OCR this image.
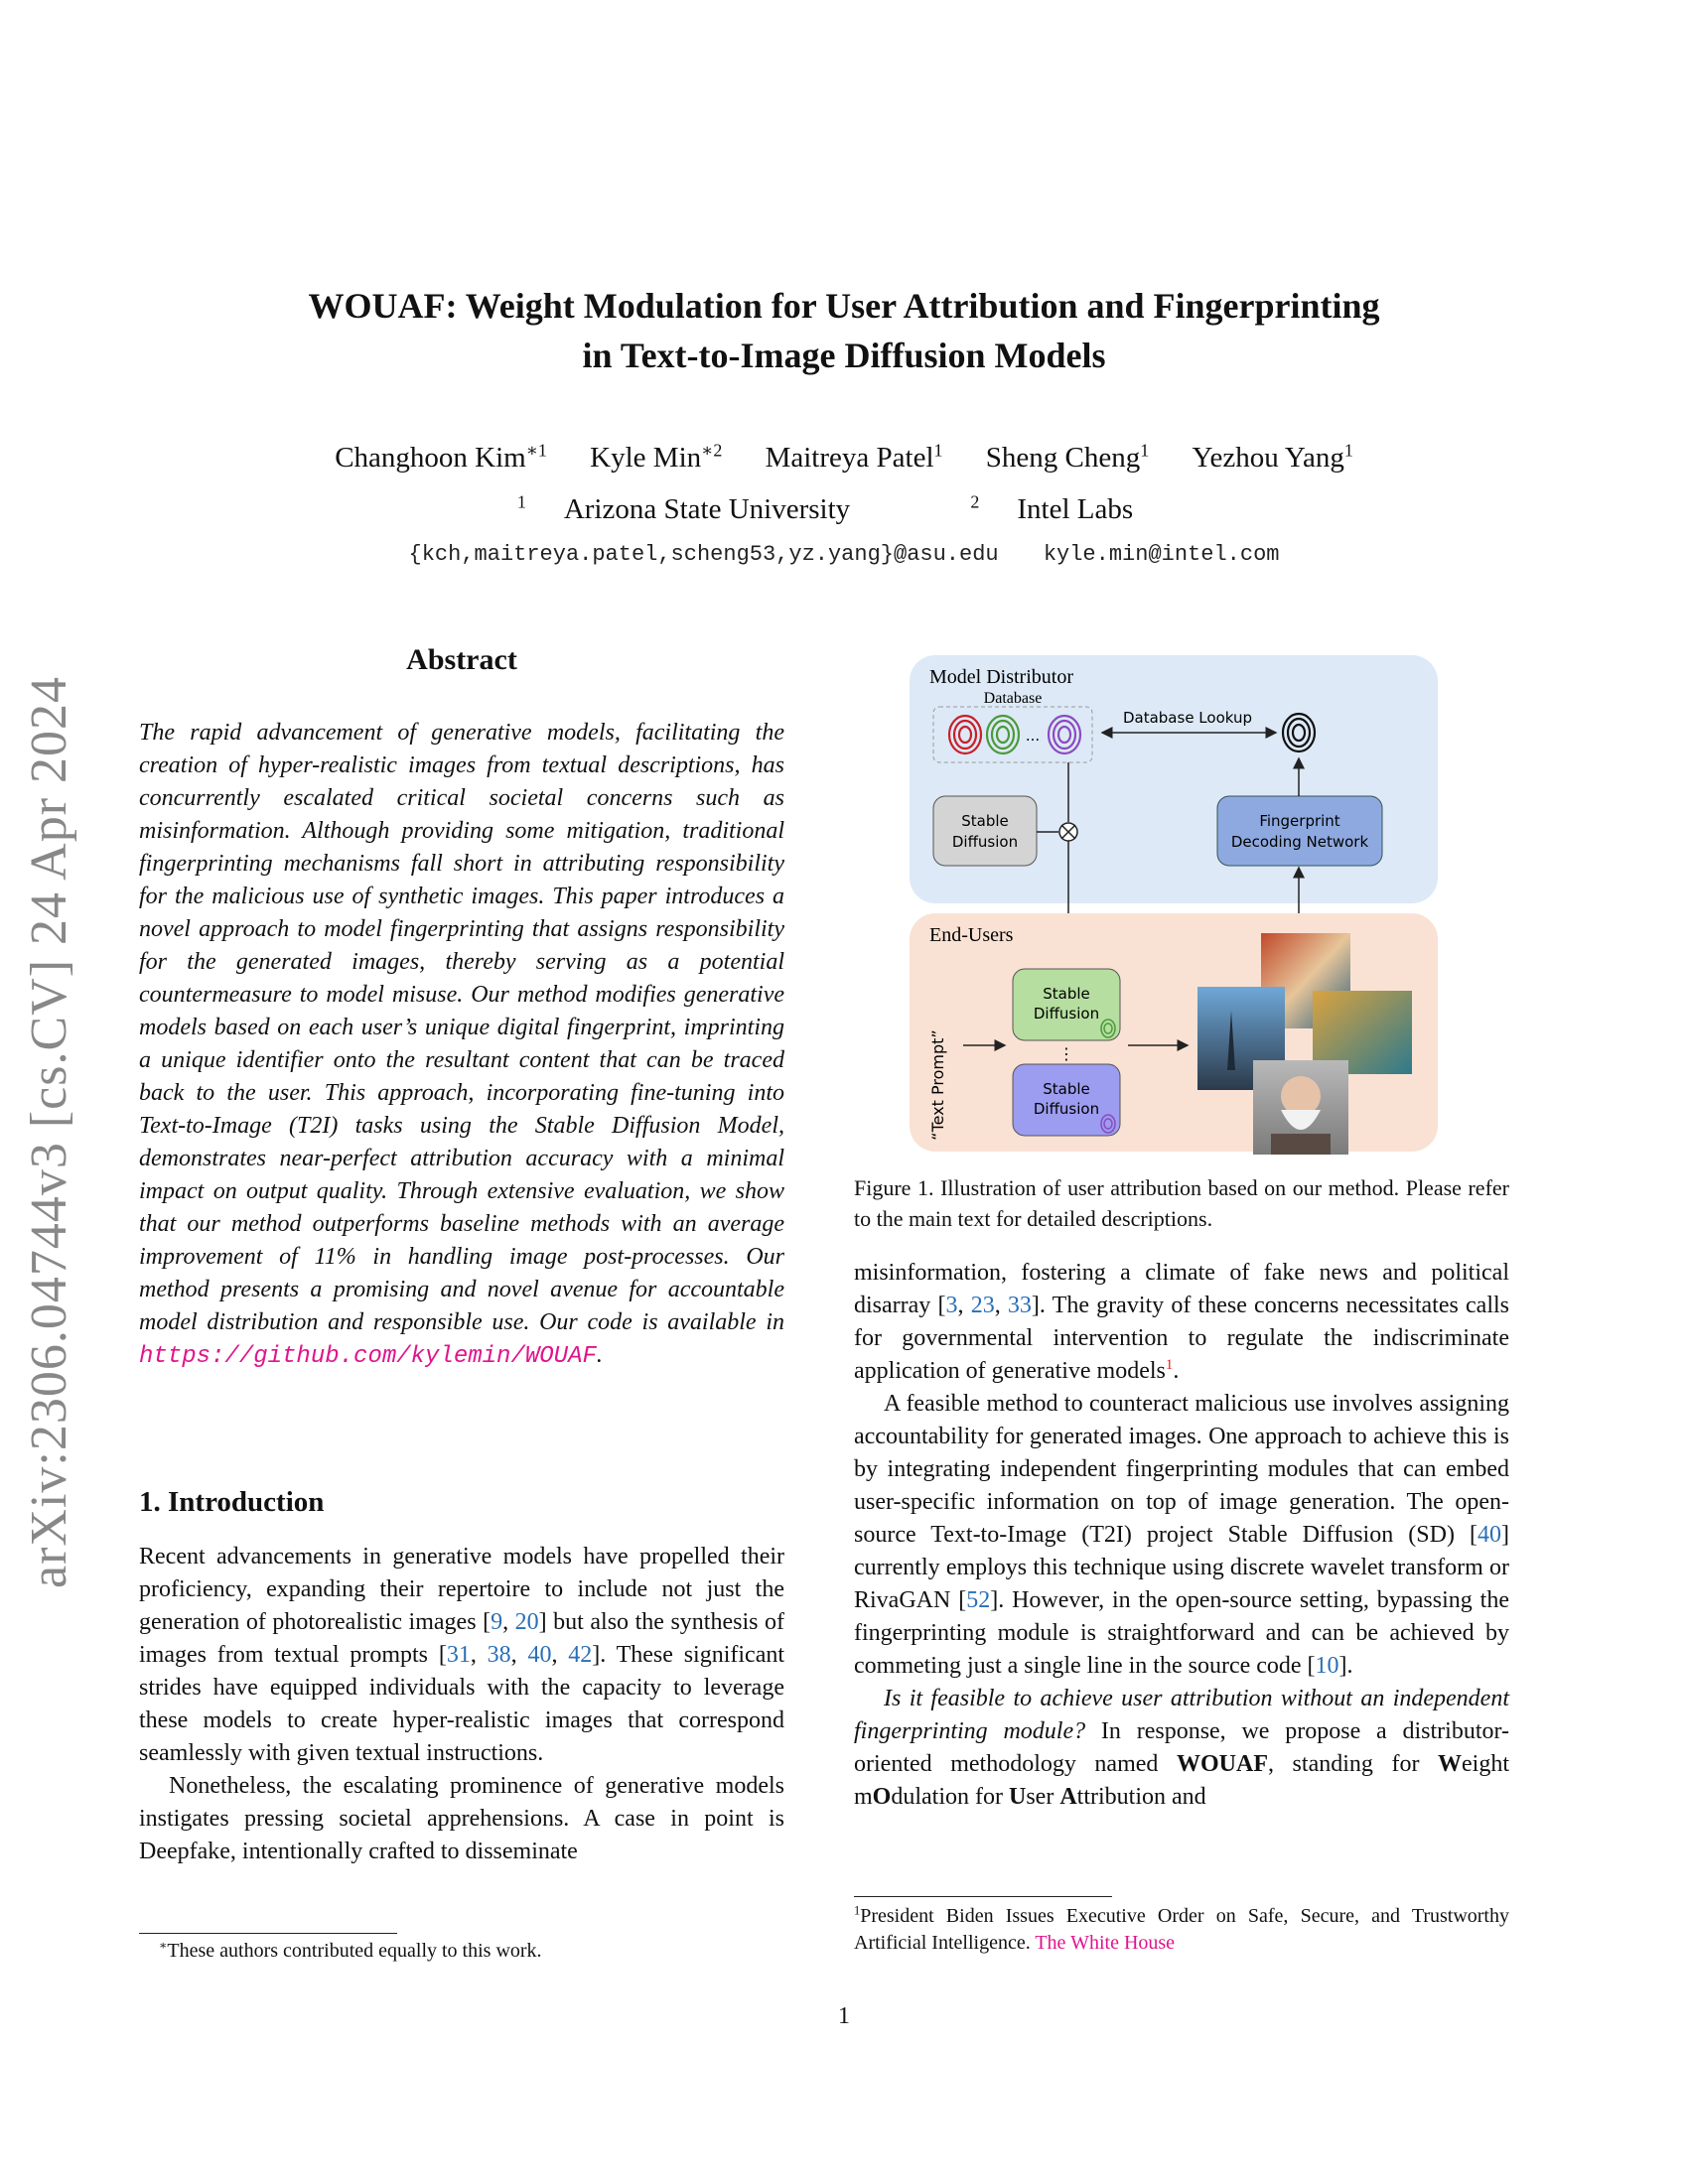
arXiv:2306.04744v3 [cs.CV] 24 Apr 2024
WOUAF: Weight Modulation for User Attribution and Fingerprinting
in Text-to-Image Diffusion Models
Changhoon Kim$^{∗1}$ Kyle Min$^{∗2}$ Maitreya Patel$^1$ Sheng Cheng$^1$ Yezhou Yang$^1$
$^1$ Arizona State University	$^2$ Intel Labs
{kch,maitreya.patel,scheng53,yz.yang}@asu.edu kyle.min@intel.com
Abstract
The rapid advancement of generative models, facilitating the creation of hyper-realistic images from textual descriptions, has concurrently escalated critical societal concerns such as misinformation. Although providing some mitigation, traditional fingerprinting mechanisms fall short in attributing responsibility for the malicious use of synthetic images. This paper introduces a novel approach to model fingerprinting that assigns responsibility for the generated images, thereby serving as a potential countermeasure to model misuse. Our method modifies generative models based on each user’s unique digital fingerprint, imprinting a unique identifier onto the resultant content that can be traced back to the user. This approach, incorporating fine-tuning into Text-to-Image (T2I) tasks using the Stable Diffusion Model, demonstrates near-perfect attribution accuracy with a minimal impact on output quality. Through extensive evaluation, we show that our method outperforms baseline methods with an average improvement of 11% in handling image post-processes. Our method presents a promising and novel avenue for accountable model distribution and responsible use. Our code is available in https://github.com/kylemin/WOUAF.
1. Introduction

Recent advancements in generative models have propelled their proficiency, expanding their repertoire to include not just the generation of photorealistic images [9, 20] but also the synthesis of images from textual prompts [31, 38, 40, 42]. These significant strides have equipped individuals with the capacity to leverage these models to create hyper-realistic images that correspond seamlessly with given textual instructions.

Nonetheless, the escalating prominence of generative models instigates pressing societal apprehensions. A case in point is Deepfake, intentionally crafted to disseminate

∗These authors contributed equally to this work.
Model Distributor
Database
...
Database Lookup
Stable
Diffusion
Fingerprint
Decoding Network
End-Users
“Text Prompt”
Stable
Diffusion
⋮
Stable
Diffusion
Figure 1. Illustration of user attribution based on our method. Please refer to the main text for detailed descriptions.

misinformation, fostering a climate of fake news and political disarray [3, 23, 33]. The gravity of these concerns necessitates calls for governmental intervention to regulate the indiscriminate application of generative models$^1$.

A feasible method to counteract malicious use involves assigning accountability for generated images. One approach to achieve this is by integrating independent fingerprinting modules that can embed user-specific information on top of image generation. The open-source Text-to-Image (T2I) project Stable Diffusion (SD) [40] currently employs this technique using discrete wavelet transform or RivaGAN [52]. However, in the open-source setting, bypassing the fingerprinting module is straightforward and can be achieved by commeting just a single line in the source code [10].

Is it feasible to achieve user attribution without an independent fingerprinting module? In response, we propose a distributor-oriented methodology named WOUAF, standing for Weight mOdulation for User Attribution and

$^1$President Biden Issues Executive Order on Safe, Secure, and Trustworthy Artificial Intelligence. The White House
1
